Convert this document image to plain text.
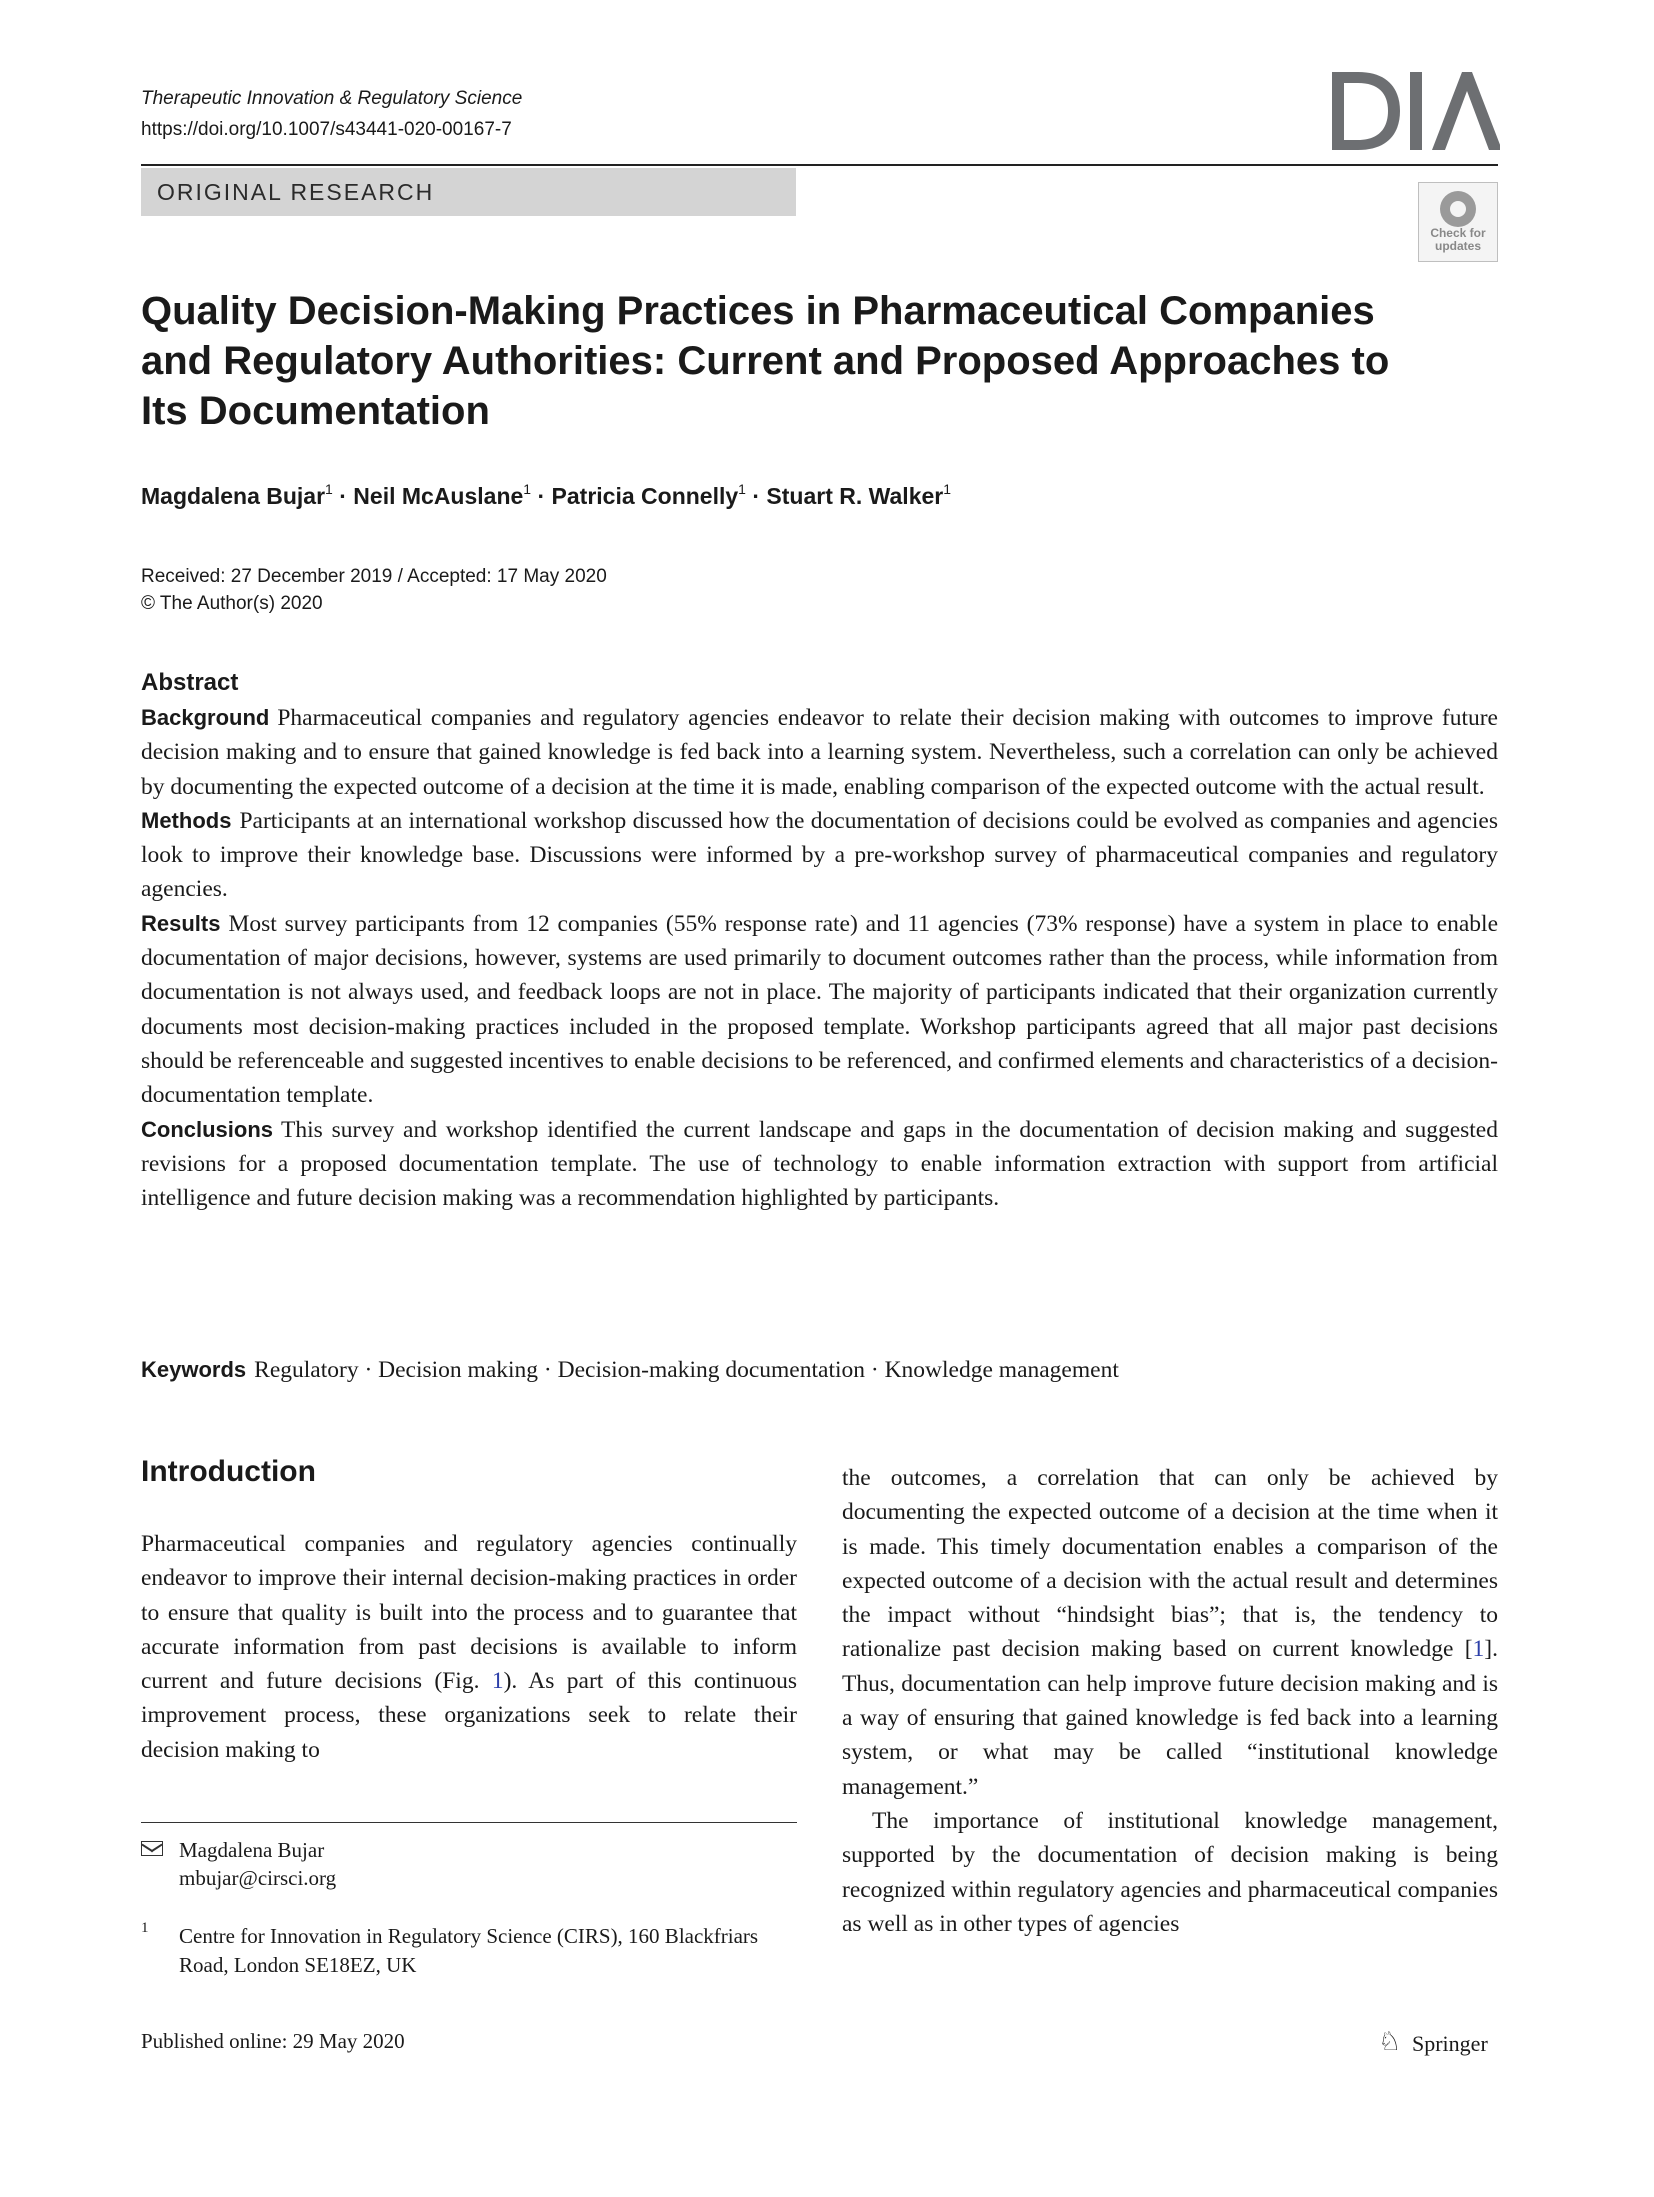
Therapeutic Innovation & Regulatory Science
https://doi.org/10.1007/s43441-020-00167-7
ORIGINAL RESEARCH
Check for updates
Quality Decision-Making Practices in Pharmaceutical Companies and Regulatory Authorities: Current and Proposed Approaches to Its Documentation
Magdalena Bujar$^1$ · Neil McAuslane$^1$ · Patricia Connelly$^1$ · Stuart R. Walker$^1$
Received: 27 December 2019 / Accepted: 17 May 2020
© The Author(s) 2020
Abstract

Background Pharmaceutical companies and regulatory agencies endeavor to relate their decision making with outcomes to improve future decision making and to ensure that gained knowledge is fed back into a learning system. Nevertheless, such a correlation can only be achieved by documenting the expected outcome of a decision at the time it is made, enabling comparison of the expected outcome with the actual result.

Methods Participants at an international workshop discussed how the documentation of decisions could be evolved as companies and agencies look to improve their knowledge base. Discussions were informed by a pre-workshop survey of pharmaceutical companies and regulatory agencies.

Results Most survey participants from 12 companies (55% response rate) and 11 agencies (73% response) have a system in place to enable documentation of major decisions, however, systems are used primarily to document outcomes rather than the process, while information from documentation is not always used, and feedback loops are not in place. The majority of participants indicated that their organization currently documents most decision-making practices included in the proposed template. Workshop participants agreed that all major past decisions should be referenceable and suggested incentives to enable decisions to be referenced, and confirmed elements and characteristics of a decision-documentation template.

Conclusions This survey and workshop identified the current landscape and gaps in the documentation of decision making and suggested revisions for a proposed documentation template. The use of technology to enable information extraction with support from artificial intelligence and future decision making was a recommendation highlighted by participants.

Keywords Regulatory · Decision making · Decision-making documentation · Knowledge management
Introduction

Pharmaceutical companies and regulatory agencies continually endeavor to improve their internal decision-making practices in order to ensure that quality is built into the process and to guarantee that accurate information from past decisions is available to inform current and future decisions (Fig. 1). As part of this continuous improvement process, these organizations seek to relate their decision making to

the outcomes, a correlation that can only be achieved by documenting the expected outcome of a decision at the time when it is made. This timely documentation enables a comparison of the expected outcome of a decision with the actual result and determines the impact without “hindsight bias”; that is, the tendency to rationalize past decision making based on current knowledge [1]. Thus, documentation can help improve future decision making and is a way of ensuring that gained knowledge is fed back into a learning system, or what may be called “institutional knowledge management.”

The importance of institutional knowledge management, supported by the documentation of decision making is being recognized within regulatory agencies and pharmaceutical companies as well as in other types of agencies

Magdalena Bujar
mbujar@cirsci.org
1 Centre for Innovation in Regulatory Science (CIRS), 160 Blackfriars Road, London SE18EZ, UK
Published online: 29 May 2020	♘ Springer
